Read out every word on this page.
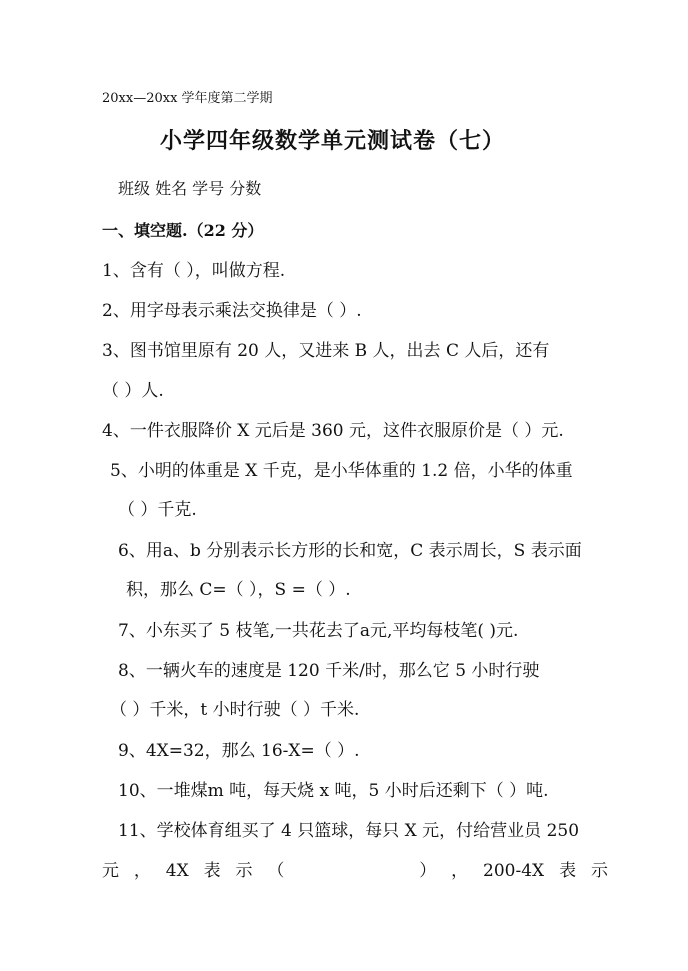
20xx—20xx 学年度第二学期
小学四年级数学单元测试卷（七）
班级 姓名 学号 分数
一、填空题.（22 分）
1、含有（ ），叫做方程.
2、用字母表示乘法交换律是（ ）.
3、图书馆里原有 20 人，又进来 B 人，出去 C 人后，还有
（ ）人.
4、一件衣服降价 X 元后是 360 元，这件衣服原价是（ ）元.
5、小明的体重是 X 千克，是小华体重的 1.2 倍，小华的体重
（ ）千克.
6、用a、b 分别表示长方形的长和宽，C 表示周长，S 表示面
积，那么 C=（ ），S =（ ）.
7、小东买了 5 枝笔,一共花去了a元,平均每枝笔( )元.
8、一辆火车的速度是 120 千米/时，那么它 5 小时行驶
（ ）千米，t 小时行驶（ ）千米.
9、4X=32，那么 16-X=（ ）.
10、一堆煤m 吨，每天烧 x 吨，5 小时后还剩下（ ）吨.
11、学校体育组买了 4 只篮球，每只 X 元，付给营业员 250
元 ， 4X 表 示 （	） ， 200-4X 表 示
